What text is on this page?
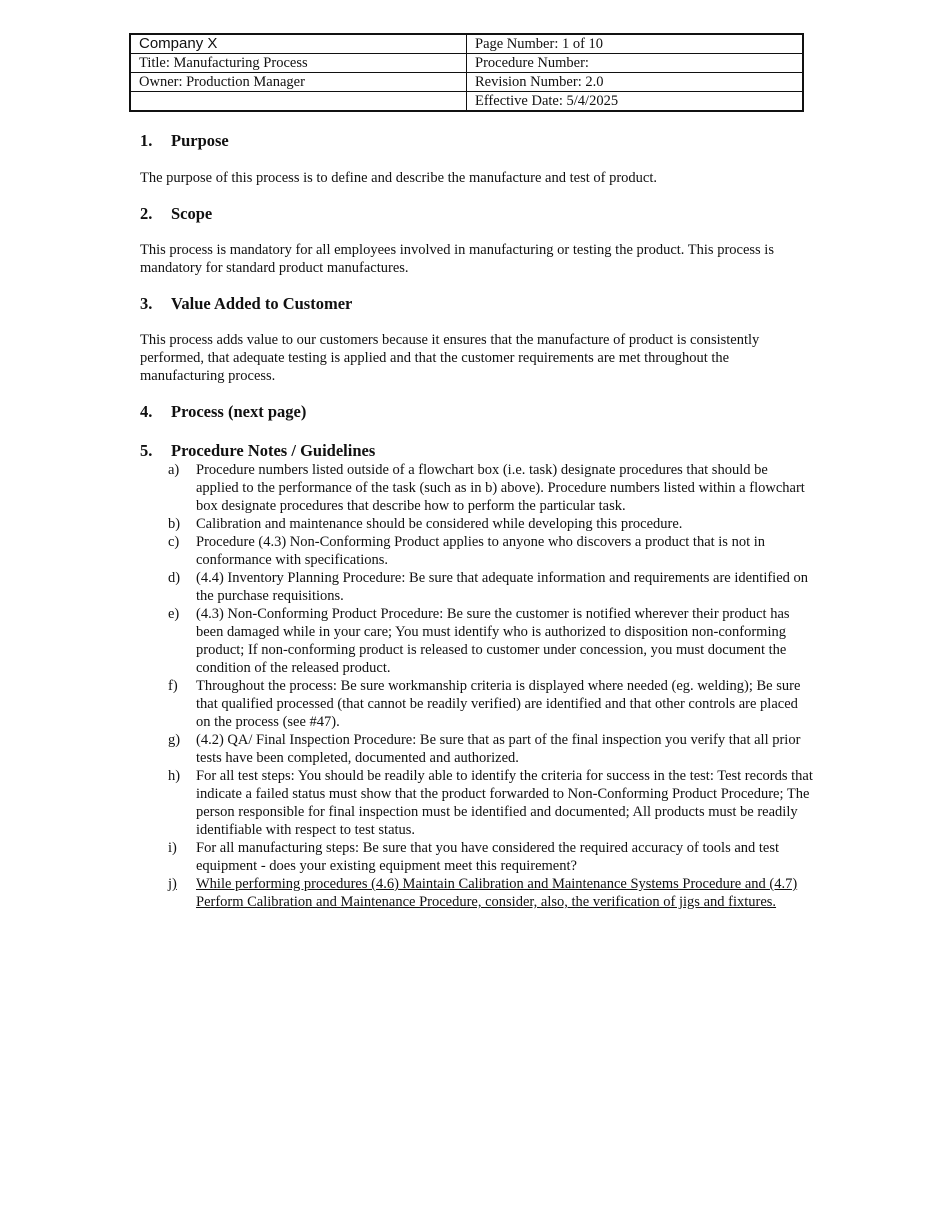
Company X	Page Number: 1 of 10
Title: Manufacturing Process	Procedure Number:
Owner: Production Manager	Revision Number: 2.0
	Effective Date: 5/4/2025
1.	Purpose

The purpose of this process is to define and describe the manufacture and test of product.

2.	Scope

This process is mandatory for all employees involved in manufacturing or testing the product. This process is mandatory for standard product manufactures.

3.	Value Added to Customer

This process adds value to our customers because it ensures that the manufacture of product is consistently performed, that adequate testing is applied and that the customer requirements are met throughout the manufacturing process.

4.	Process (next page)
5.	Procedure Notes / Guidelines
a)	Procedure numbers listed outside of a flowchart box (i.e. task) designate procedures that should be applied to the performance of the task (such as in b) above). Procedure numbers listed within a flowchart box designate procedures that describe how to perform the particular task.
b)	Calibration and maintenance should be considered while developing this procedure.
c)	Procedure (4.3) Non-Conforming Product applies to anyone who discovers a product that is not in conformance with specifications.
d)	(4.4) Inventory Planning Procedure: Be sure that adequate information and requirements are identified on the purchase requisitions.
e)	(4.3) Non-Conforming Product Procedure: Be sure the customer is notified wherever their product has been damaged while in your care; You must identify who is authorized to disposition non-conforming product; If non-conforming product is released to customer under concession, you must document the condition of the released product.
f)	Throughout the process: Be sure workmanship criteria is displayed where needed (eg. welding); Be sure that qualified processed (that cannot be readily verified) are identified and that other controls are placed on the process (see #47).
g)	(4.2) QA/ Final Inspection Procedure: Be sure that as part of the final inspection you verify that all prior tests have been completed, documented and authorized.
h)	For all test steps: You should be readily able to identify the criteria for success in the test: Test records that indicate a failed status must show that the product forwarded to Non-Conforming Product Procedure; The person responsible for final inspection must be identified and documented; All products must be readily identifiable with respect to test status.
i)	For all manufacturing steps: Be sure that you have considered the required accuracy of tools and test equipment - does your existing equipment meet this requirement?
j)	While performing procedures (4.6) Maintain Calibration and Maintenance Systems Procedure and (4.7) Perform Calibration and Maintenance Procedure, consider, also, the verification of jigs and fixtures.
